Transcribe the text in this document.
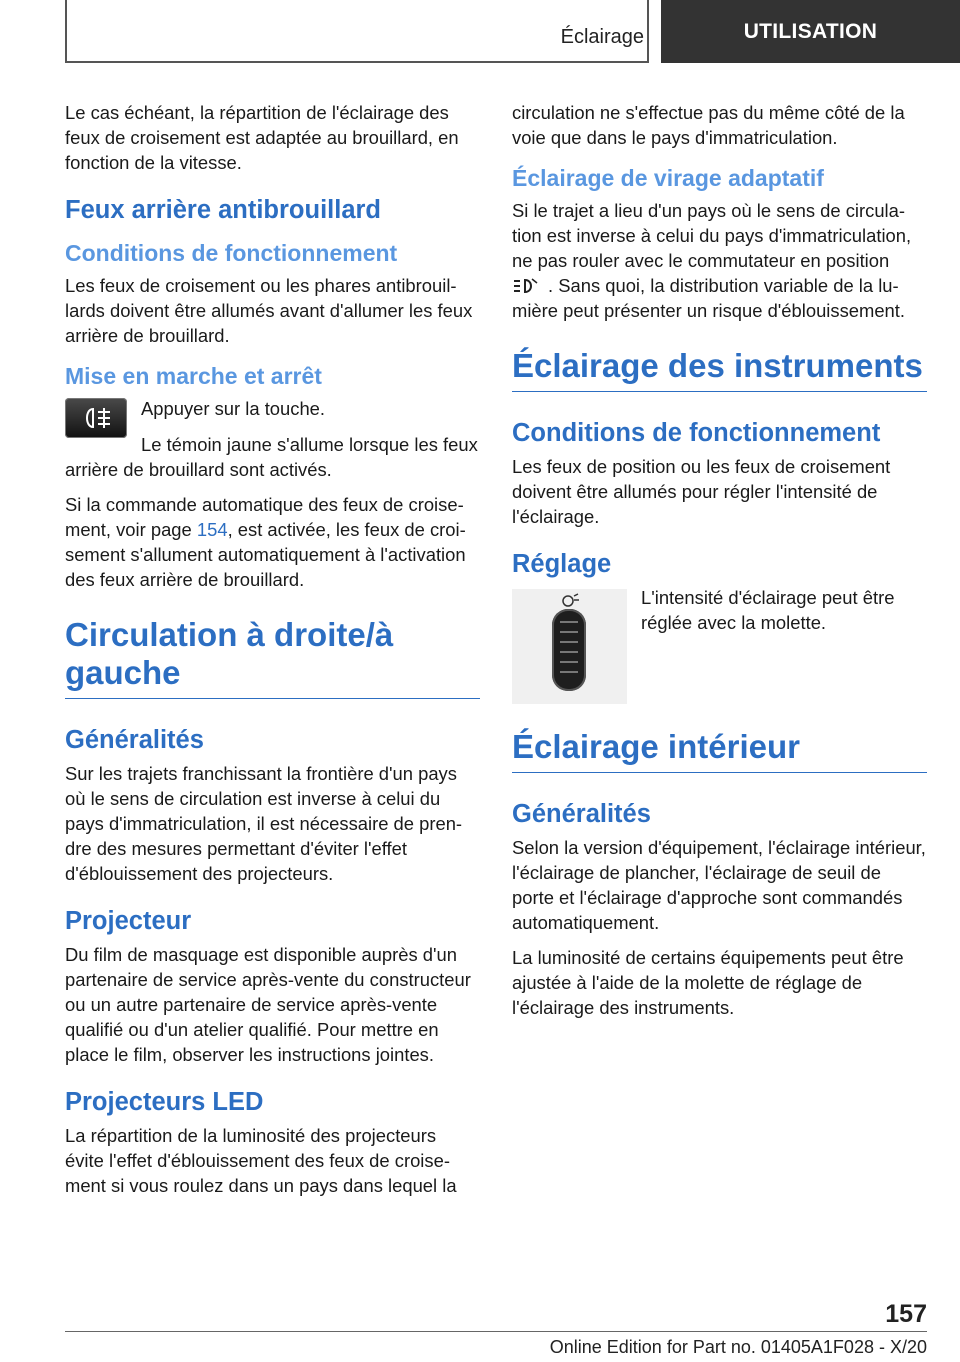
Éclairage	UTILISATION

Le cas échéant, la répartition de l'éclairage des feux de croisement est adaptée au brouillard, en fonction de la vitesse.

Feux arrière antibrouillard
Conditions de fonctionnement

Les feux de croisement ou les phares antibrouillards doivent être allumés avant d'allumer les feux arrière de brouillard.

Mise en marche et arrêt

Appuyer sur la touche.

Le témoin jaune s'allume lorsque les feux arrière de brouillard sont activés.

Si la commande automatique des feux de croisement, voir page 154, est activée, les feux de croisement s'allument automatiquement à l'activation des feux arrière de brouillard.

Circulation à droite/à gauche
Généralités

Sur les trajets franchissant la frontière d'un pays où le sens de circulation est inverse à celui du pays d'immatriculation, il est nécessaire de prendre des mesures permettant d'éviter l'effet d'éblouissement des projecteurs.

Projecteur

Du film de masquage est disponible auprès d'un partenaire de service après-vente du constructeur ou un autre partenaire de service après-vente qualifié ou d'un atelier qualifié. Pour mettre en place le film, observer les instructions jointes.

Projecteurs LED

La répartition de la luminosité des projecteurs évite l'effet d'éblouissement des feux de croisement si vous roulez dans un pays dans lequel la

circulation ne s'effectue pas du même côté de la voie que dans le pays d'immatriculation.

Éclairage de virage adaptatif

Si le trajet a lieu d'un pays où le sens de circulation est inverse à celui du pays d'immatriculation, ne pas rouler avec le commutateur en position
. Sans quoi, la distribution variable de la lumière peut présenter un risque d'éblouissement.

Éclairage des instruments
Conditions de fonctionnement

Les feux de position ou les feux de croisement doivent être allumés pour régler l'intensité de l'éclairage.

Réglage

L'intensité d'éclairage peut être réglée avec la molette.

Éclairage intérieur
Généralités

Selon la version d'équipement, l'éclairage intérieur, l'éclairage de plancher, l'éclairage de seuil de porte et l'éclairage d'approche sont commandés automatiquement.

La luminosité de certains équipements peut être ajustée à l'aide de la molette de réglage de l'éclairage des instruments.

157
Online Edition for Part no. 01405A1F028 - X/20
